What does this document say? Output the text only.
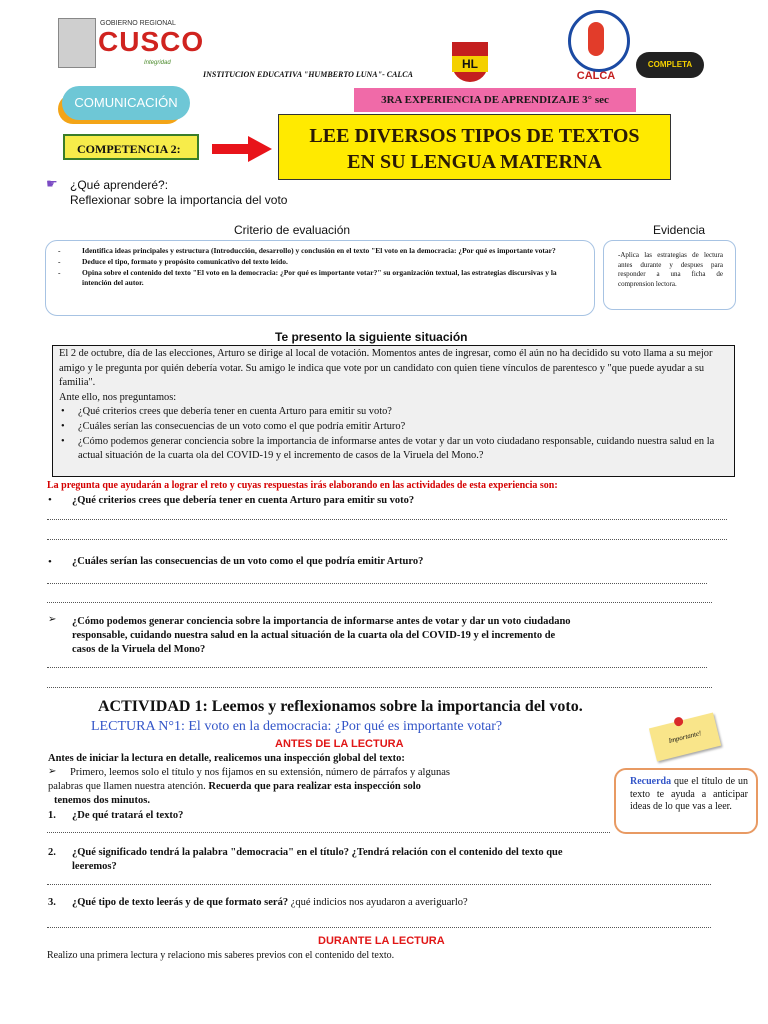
GOBIERNO REGIONAL
CUSCO
Integridad
INSTITUCION EDUCATIVA "HUMBERTO LUNA"- CALCA
HL
CALCA
COMPLETA
COMUNICACIÓN	3RA EXPERIENCIA DE APRENDIZAJE 3° sec
COMPETENCIA 2:
LEE DIVERSOS TIPOS DE TEXTOS
EN SU LENGUA MATERNA
☛ ¿Qué aprenderé?:
Reflexionar sobre la importancia del voto
Criterio de evaluación	Evidencia
- Identifica ideas principales y estructura (Introducción, desarrollo) y conclusión en el texto "El voto en la democracia: ¿Por qué es importante votar?
- Deduce el tipo, formato y propósito comunicativo del texto leído.
- Opina sobre el contenido del texto "El voto en la democracia: ¿Por qué es importante votar?" su organización textual, las estrategias discursivas y la intención del autor.
-Aplica las estrategias de lectura antes durante y despues para responder a una ficha de comprension lectora.
Te presento la siguiente situación
El 2 de octubre, día de las elecciones, Arturo se dirige al local de votación. Momentos antes de ingresar, como él aún no ha decidido su voto llama a su mejor amigo y le pregunta por quién debería votar. Su amigo le indica que vote por un candidato con quien tiene vínculos de parentesco y "que puede ayudar a su familia".
Ante ello, nos preguntamos:
• ¿Qué criterios crees que debería tener en cuenta Arturo para emitir su voto?
• ¿Cuáles serían las consecuencias de un voto como el que podría emitir Arturo?
• ¿Cómo podemos generar conciencia sobre la importancia de informarse antes de votar y dar un voto ciudadano responsable, cuidando nuestra salud en la actual situación de la cuarta ola del COVID-19 y el incremento de casos de la Viruela del Mono.?
La pregunta que ayudarán a lograr el reto y cuyas respuestas irás elaborando en las actividades de esta experiencia son:
• ¿Qué criterios crees que debería tener en cuenta Arturo para emitir su voto?
• ¿Cuáles serían las consecuencias de un voto como el que podría emitir Arturo?
➢ ¿Cómo podemos generar conciencia sobre la importancia de informarse antes de votar y dar un voto ciudadano
responsable, cuidando nuestra salud en la actual situación de la cuarta ola del COVID-19 y el incremento de
casos de la Viruela del Mono?
ACTIVIDAD 1: Leemos y reflexionamos sobre la importancia del voto.
LECTURA N°1: El voto en la democracia: ¿Por qué es importante votar?
ANTES DE LA LECTURA
Antes de iniciar la lectura en detalle, realicemos una inspección global del texto:
➢ Primero, leemos solo el título y nos fijamos en su extensión, número de párrafos y algunas
palabras que llamen nuestra atención. Recuerda que para realizar esta inspección solo
tenemos dos minutos.
1. ¿De qué tratará el texto?
2. ¿Qué significado tendrá la palabra "democracia" en el título? ¿Tendrá relación con el contenido del texto que
leeremos?
3. ¿Qué tipo de texto leerás y de que formato será? ¿qué indicios nos ayudaron a averiguarlo?
Importante!
Recuerda que el título de un texto te ayuda a anticipar ideas de lo que vas a leer.
DURANTE LA LECTURA
Realizo una primera lectura y relaciono mis saberes previos con el contenido del texto.
